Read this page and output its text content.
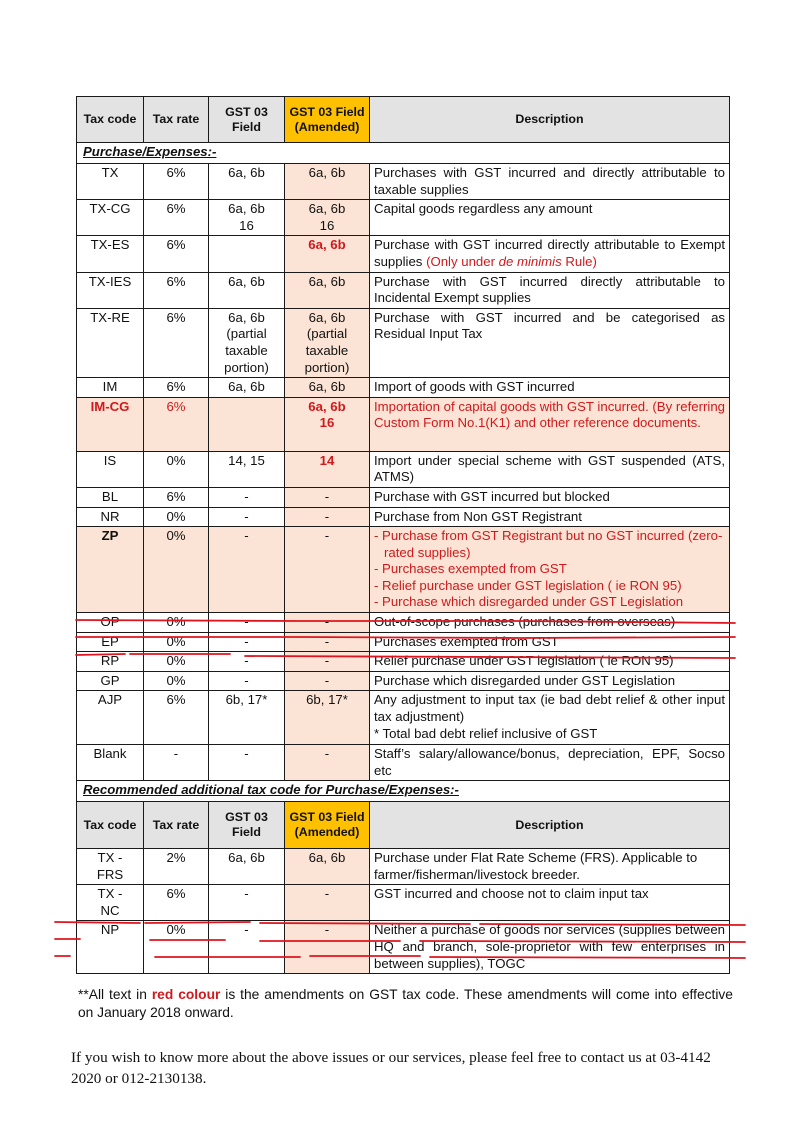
Tax code	Tax rate	GST 03 Field	GST 03 Field (Amended)	Description
Purchase/Expenses:-				
TX	6%	6a, 6b	6a, 6b	Purchases with GST incurred and directly attributable to taxable supplies
TX-CG	6%	6a, 6b 16	6a, 6b 16	Capital goods regardless any amount
TX-ES	6%		6a, 6b	Purchase with GST incurred directly attributable to Exempt supplies (Only under de minimis Rule)
TX-IES	6%	6a, 6b	6a, 6b	Purchase with GST incurred directly attributable to Incidental Exempt supplies
TX-RE	6%	6a, 6b (partial taxable portion)	6a, 6b (partial taxable portion)	Purchase with GST incurred and be categorised as Residual Input Tax
IM	6%	6a, 6b	6a, 6b	Import of goods with GST incurred
IM-CG	6%		6a, 6b 16	Importation of capital goods with GST incurred. (By referring Custom Form No.1(K1) and other reference documents.
IS	0%	14, 15	14	Import under special scheme with GST suspended (ATS, ATMS)
BL	6%	-	-	Purchase with GST incurred but blocked
NR	0%	-	-	Purchase from Non GST Registrant
ZP	0%	-	-	- Purchase from GST Registrant but no GST incurred (zero-rated supplies)
- Purchases exempted from GST
- Relief purchase under GST legislation ( ie RON 95)
- Purchase which disregarded under GST Legislation

OP	0%	-	-	Out-of-scope purchases (purchases from overseas)
EP	0%	-	-	Purchases exempted from GST
RP	0%	-	-	Relief purchase under GST legislation ( ie RON 95)
GP	0%	-	-	Purchase which disregarded under GST Legislation
AJP	6%	6b, 17*	6b, 17*	Any adjustment to input tax (ie bad debt relief & other input tax adjustment)
* Total bad debt relief inclusive of GST
Blank	-	-	-	Staff’s salary/allowance/bonus, depreciation, EPF, Socso etc
Recommended additional tax code for Purchase/Expenses:-				
Tax code	Tax rate	GST 03 Field	GST 03 Field (Amended)	Description
TX - FRS	2%	6a, 6b	6a, 6b	Purchase under Flat Rate Scheme (FRS). Applicable to farmer/fisherman/livestock breeder.
TX - NC	6%	-	-	GST incurred and choose not to claim input tax
NP	0%	-	-	Neither a purchase of goods nor services (supplies between HQ and branch, sole-proprietor with few enterprises in between supplies), TOGC
**All text in red colour is the amendments on GST tax code. These amendments will come into effective on January 2018 onward.
If you wish to know more about the above issues or our services, please feel free to contact us at 03-4142 2020 or 012-2130138.
